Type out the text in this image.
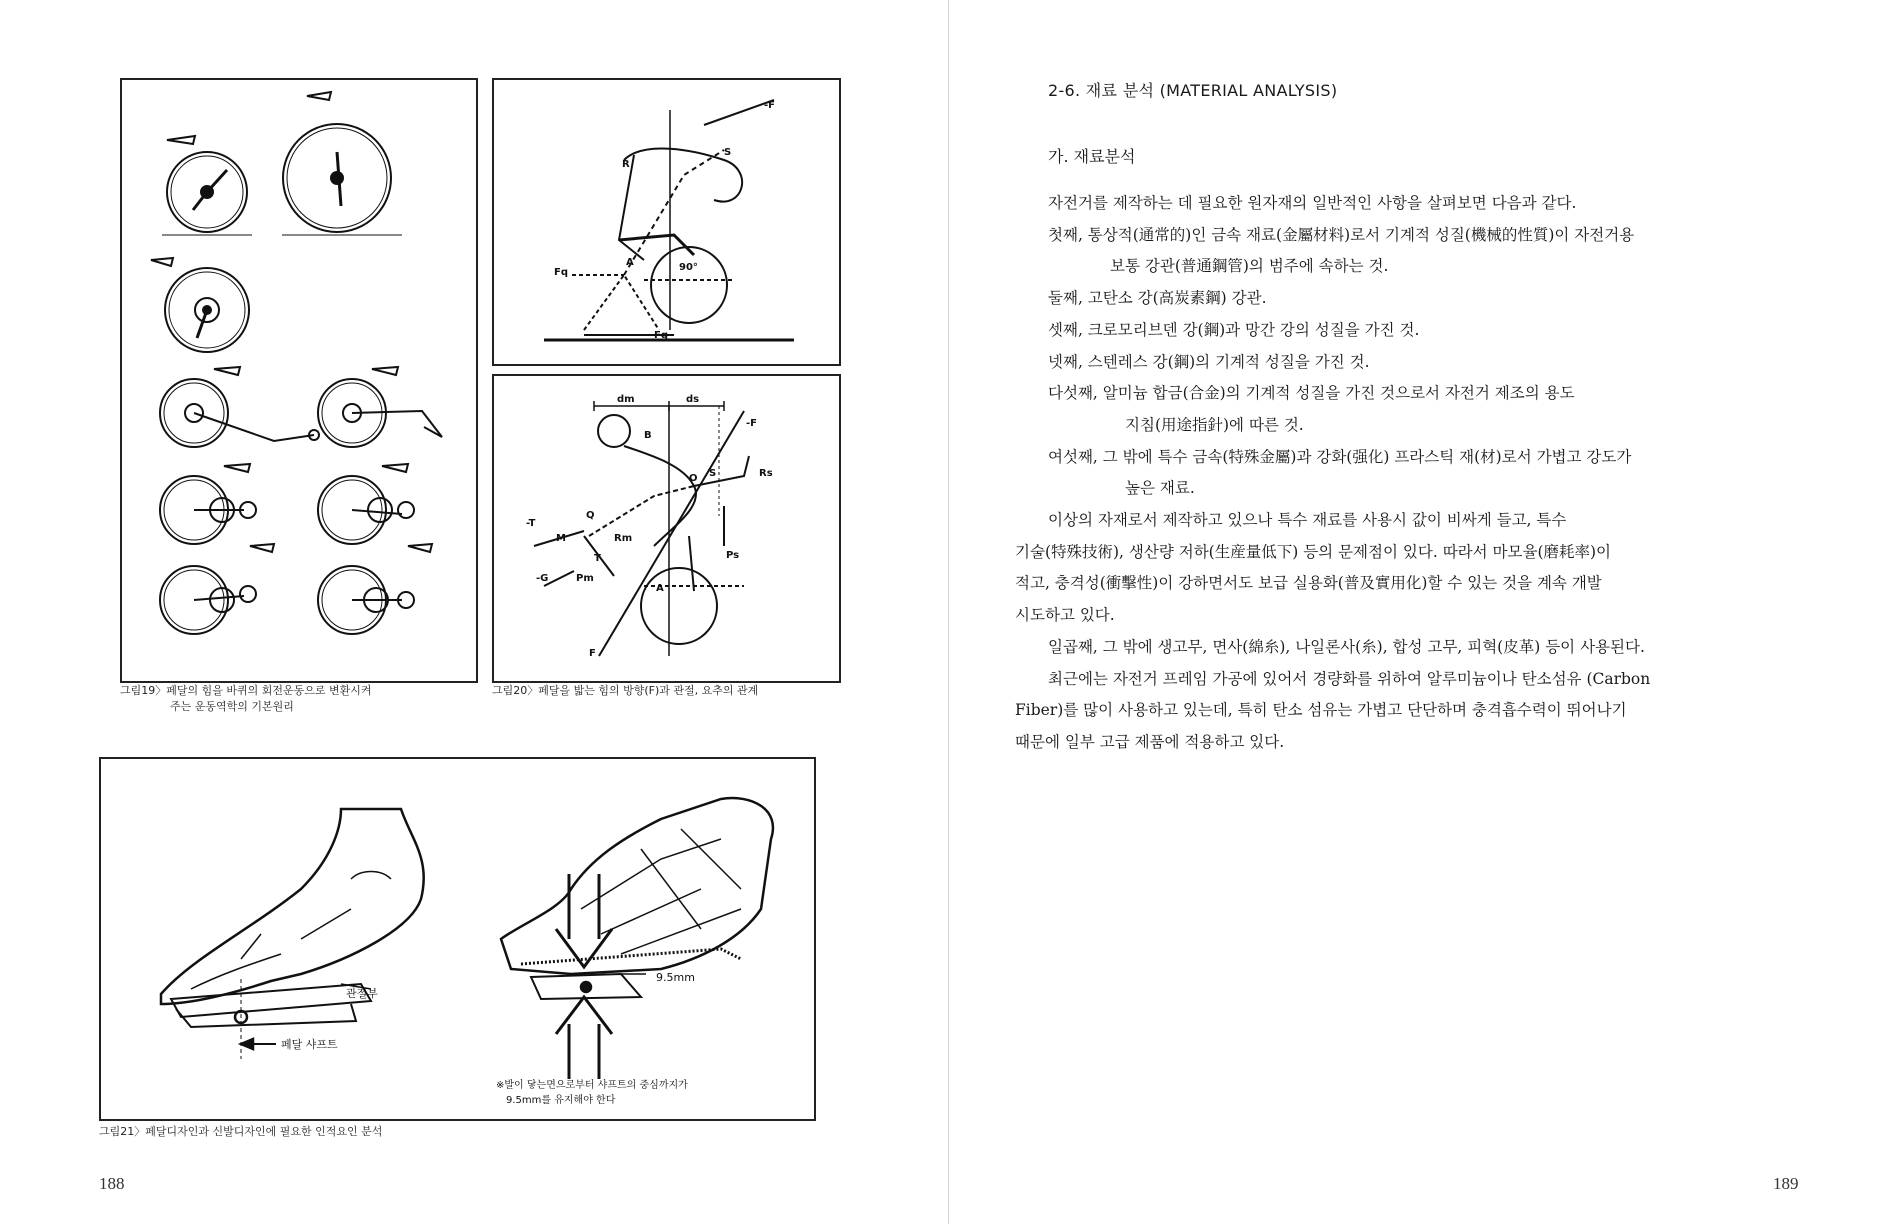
그림19〉페달의 힘을 바퀴의 회전운동으로 변환시켜
주는 운동역학의 기본원리
-F
S
R
A	90°
Fq
Fq
dm	ds
-F
B
O S	Rs
Ps
-T
Q
M	Rm
T
-G	Pm
A
F
그림20〉페달을 밟는 힘의 방향(F)과 관절, 요추의 관계
관절부
페달 샤프트
9.5mm
※발이 닿는면으로부터 샤프트의 중심까지가
9.5mm를 유지해야 한다
그림21〉페달디자인과 신발디자인에 필요한 인적요인 분석
188
2-6. 재료 분석 (MATERIAL ANALYSIS)
가. 재료분석

자전거를 제작하는 데 필요한 원자재의 일반적인 사항을 살펴보면 다음과 같다.

첫째, 통상적(通常的)인 금속 재료(金屬材料)로서 기계적 성질(機械的性質)이 자전거용

보통 강관(普通鋼管)의 범주에 속하는 것.

둘째, 고탄소 강(高炭素鋼) 강관.

셋째, 크로모리브덴 강(鋼)과 망간 강의 성질을 가진 것.

넷째, 스텐레스 강(鋼)의 기계적 성질을 가진 것.

다섯째, 알미늄 합금(合金)의 기계적 성질을 가진 것으로서 자전거 제조의 용도

지침(用途指針)에 따른 것.

여섯째, 그 밖에 특수 금속(特殊金屬)과 강화(强化) 프라스틱 재(材)로서 가볍고 강도가

높은 재료.

이상의 자재로서 제작하고 있으나 특수 재료를 사용시 값이 비싸게 들고, 특수

기술(特殊技術), 생산량 저하(生産量低下) 등의 문제점이 있다. 따라서 마모율(磨耗率)이

적고, 충격성(衝擊性)이 강하면서도 보급 실용화(普及實用化)할 수 있는 것을 계속 개발

시도하고 있다.

일곱째, 그 밖에 생고무, 면사(綿糸), 나일론사(糸), 합성 고무, 피혁(皮革) 등이 사용된다.

최근에는 자전거 프레임 가공에 있어서 경량화를 위하여 알루미늄이나 탄소섬유 (Carbon

Fiber)를 많이 사용하고 있는데, 특히 탄소 섬유는 가볍고 단단하며 충격흡수력이 뛰어나기

때문에 일부 고급 제품에 적용하고 있다.

189
